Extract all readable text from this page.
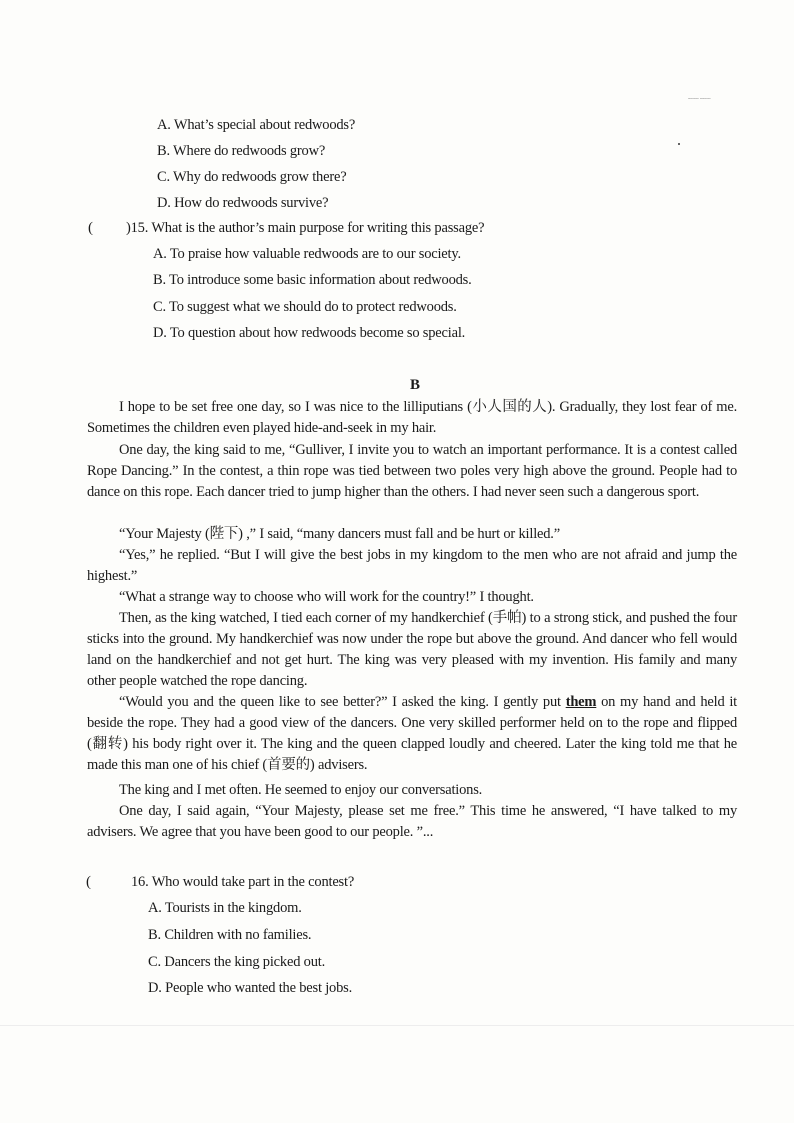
~~~~~ ~~~~~
A. What’s special about redwoods?
B. Where do redwoods grow?
C. Why do redwoods grow there?
D. How do redwoods survive?
( )15. What is the author’s main purpose for writing this passage?
A. To praise how valuable redwoods are to our society.
B. To introduce some basic information about redwoods.
C. To suggest what we should do to protect redwoods.
D. To question about how redwoods become so special.
B
I hope to be set free one day, so I was nice to the lilliputians (小人国的人). Gradually, they lost fear of me. Sometimes the children even played hide-and-seek in my hair.
One day, the king said to me, “Gulliver, I invite you to watch an important performance. It is a contest called Rope Dancing.” In the contest, a thin rope was tied between two poles very high above the ground. People had to dance on this rope. Each dancer tried to jump higher than the others. I had never seen such a dangerous sport.
“Your Majesty (陛下) ,” I said, “many dancers must fall and be hurt or killed.”
“Yes,” he replied. “But I will give the best jobs in my kingdom to the men who are not afraid and jump the highest.”
“What a strange way to choose who will work for the country!” I thought.
Then, as the king watched, I tied each corner of my handkerchief (手帕) to a strong stick, and pushed the four sticks into the ground. My handkerchief was now under the rope but above the ground. And dancer who fell would land on the handkerchief and not get hurt. The king was very pleased with my invention. His family and many other people watched the rope dancing.
“Would you and the queen like to see better?” I asked the king. I gently put them on my hand and held it beside the rope. They had a good view of the dancers. One very skilled performer held on to the rope and flipped (翻转) his body right over it. The king and the queen clapped loudly and cheered. Later the king told me that he made this man one of his chief (首要的) advisers.
The king and I met often. He seemed to enjoy our conversations.
One day, I said again, “Your Majesty, please set me free.” This time he answered, “I have talked to my advisers. We agree that you have been good to our people. ”...
(	16. Who would take part in the contest?
A. Tourists in the kingdom.
B. Children with no families.
C. Dancers the king picked out.
D. People who wanted the best jobs.
